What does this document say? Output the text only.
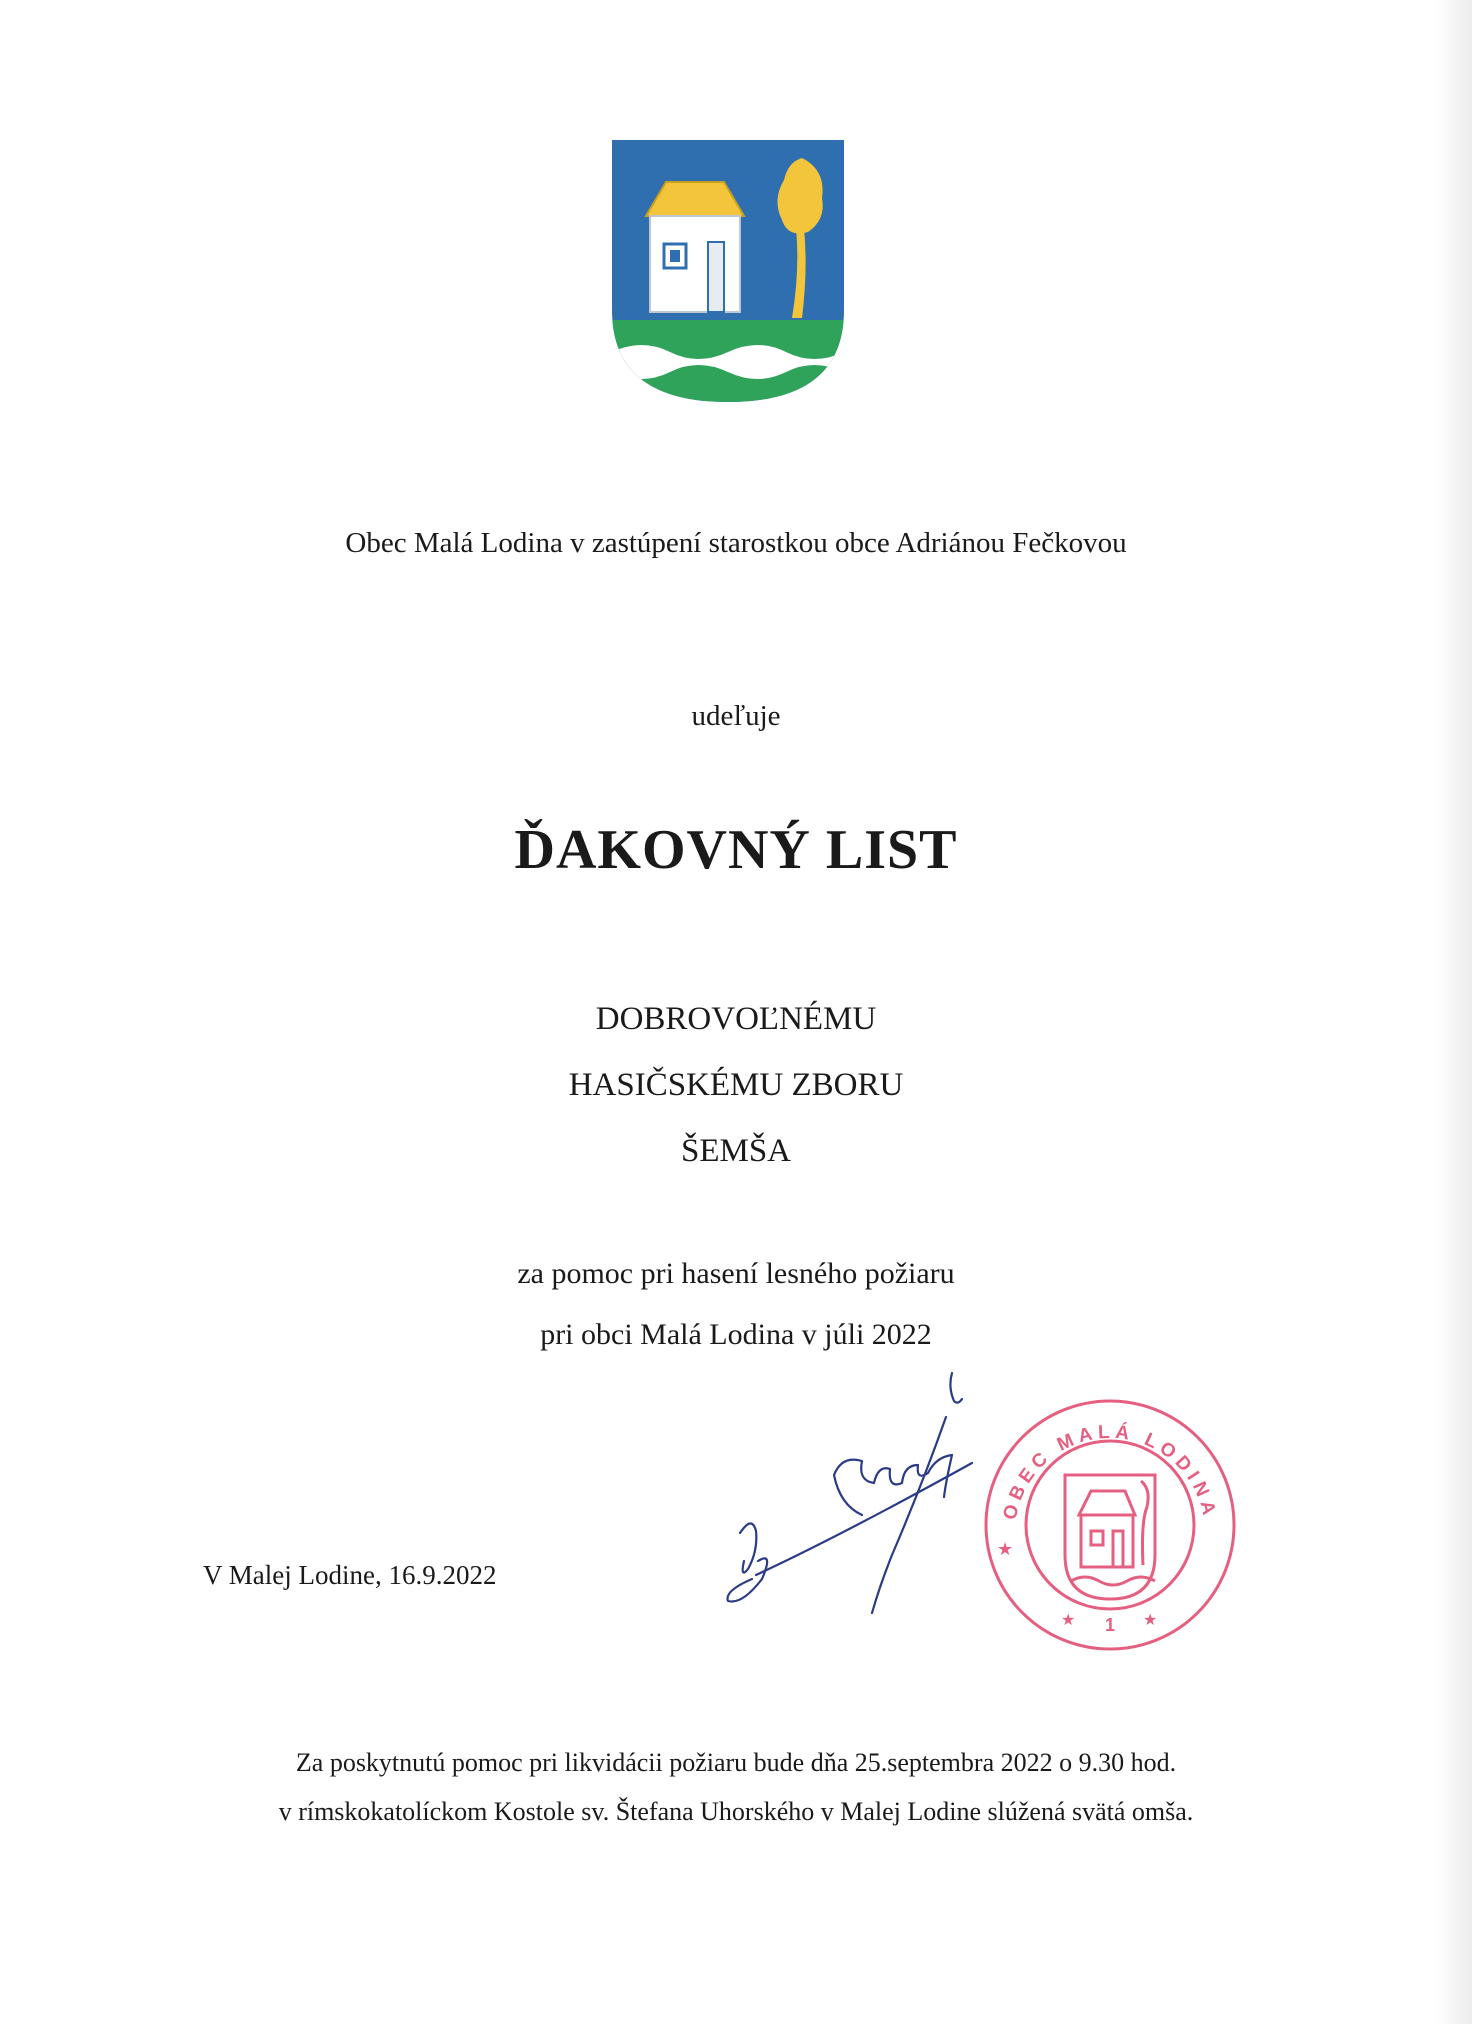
Obec Malá Lodina v zastúpení starostkou obce Adriánou Fečkovou
udeľuje
ĎAKOVNÝ LIST
DOBROVOĽNÉMU
HASIČSKÉMU ZBORU
ŠEMŠA
za pomoc pri hasení lesného požiaru
pri obci Malá Lodina v júli 2022
V Malej Lodine, 16.9.2022
OBEC MALÁ LODINA
1
★
★	★
Za poskytnutú pomoc pri likvidácii požiaru bude dňa 25.septembra 2022 o 9.30 hod.
v rímskokatolíckom Kostole sv. Štefana Uhorského v Malej Lodine slúžená svätá omša.
